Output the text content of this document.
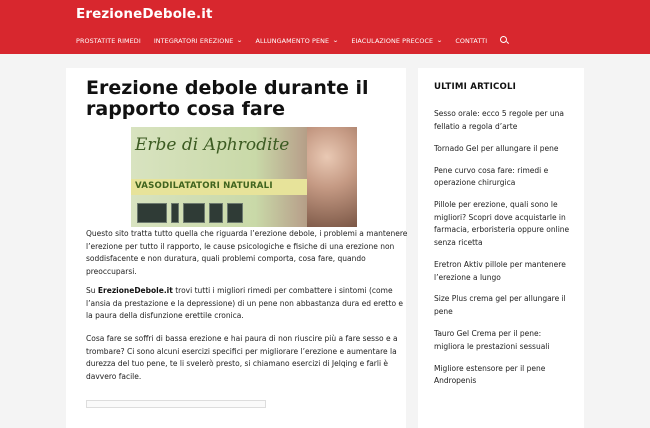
ErezioneDebole.it
PROSTATITE RIMEDI INTEGRATORI EREZIONE ⌄ ALLUNGAMENTO PENE ⌄ EIACULAZIONE PRECOCE ⌄ CONTATTI
Erezione debole durante il rapporto cosa fare
Erbe di Aphrodite
VASODILATATORI NATURALI

Questo sito tratta tutto quella che riguarda l’erezione debole, i problemi a mantenere l’erezione per tutto il rapporto, le cause psicologiche e fisiche di una erezione non soddisfacente e non duratura, quali problemi comporta, cosa fare, quando preoccuparsi.

Su ErezioneDebole.it trovi tutti i migliori rimedi per combattere i sintomi (come l’ansia da prestazione e la depressione) di un pene non abbastanza dura ed eretto e la paura della disfunzione erettile cronica.

Cosa fare se soffri di bassa erezione e hai paura di non riuscire più a fare sesso e a trombare? Ci sono alcuni esercizi specifici per migliorare l’erezione e aumentare la durezza del tuo pene, te li svelerò presto, si chiamano esercizi di Jelqing e farli è davvero facile.

ULTIMI ARTICOLI
Sesso orale: ecco 5 regole per una fellatio a regola d’arte
Tornado Gel per allungare il pene
Pene curvo cosa fare: rimedi e operazione chirurgica
Pillole per erezione, quali sono le migliori? Scopri dove acquistarle in farmacia, erboristeria oppure online senza ricetta
Eretron Aktiv pillole per mantenere l’erezione a lungo
Size Plus crema gel per allungare il pene
Tauro Gel Crema per il pene: migliora le prestazioni sessuali
Migliore estensore per il pene Andropenis
